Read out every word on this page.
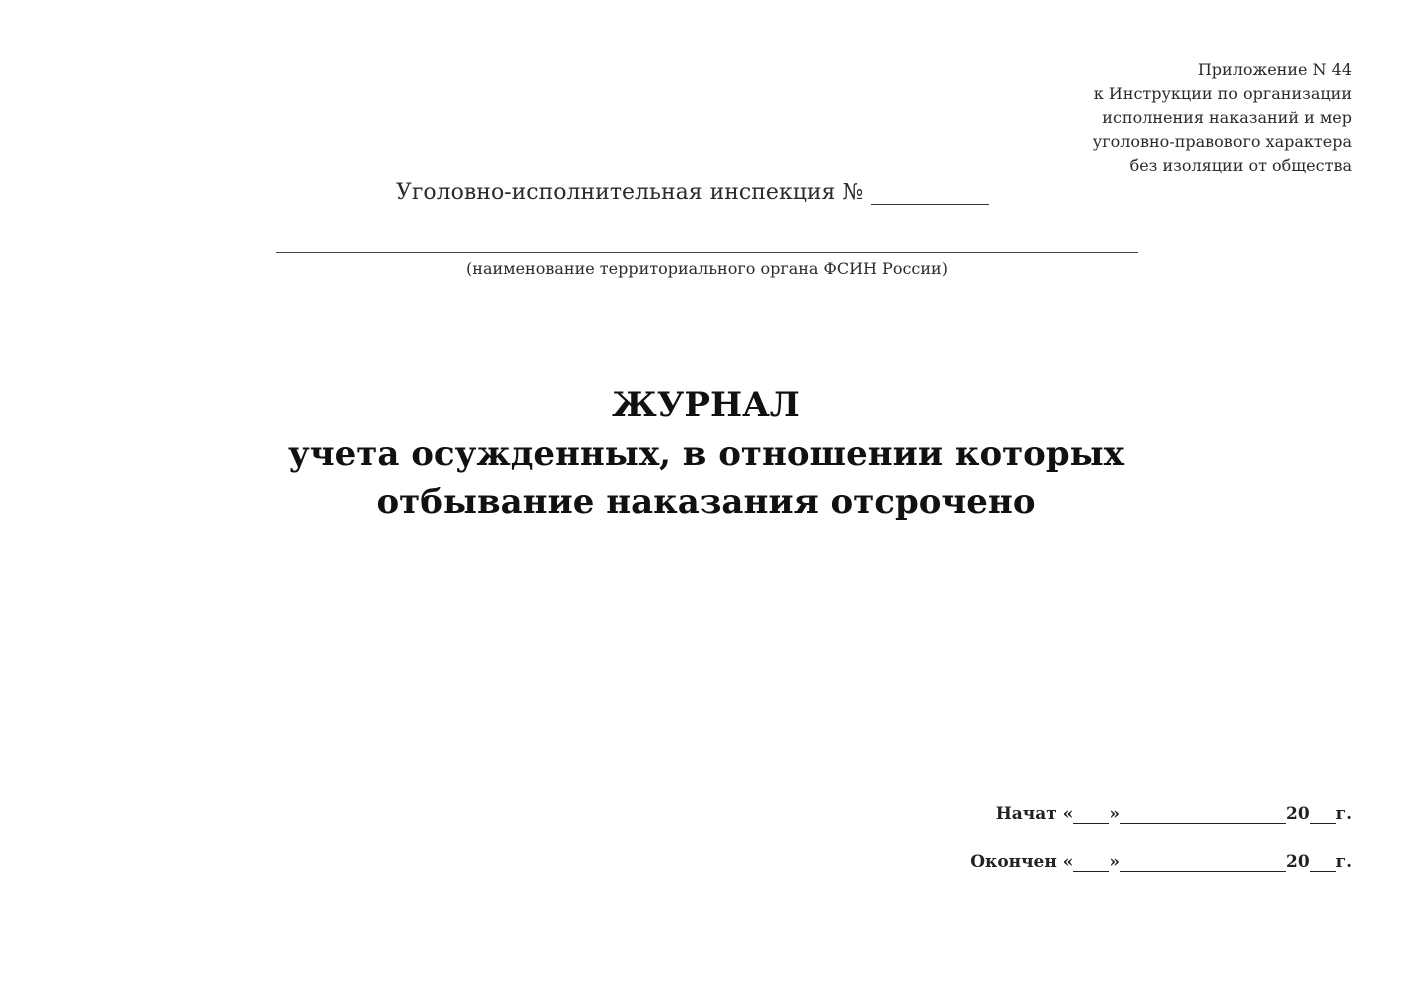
Приложение N 44
к Инструкции по организации
исполнения наказаний и мер
уголовно-правового характера
без изоляции от общества
Уголовно-исполнительная инспекция №
(наименование территориального органа ФСИН России)
ЖУРНАЛ
учета осужденных, в отношении которых
отбывание наказания отсрочено
Начат « »	20 г.
Окончен « »	20 г.
